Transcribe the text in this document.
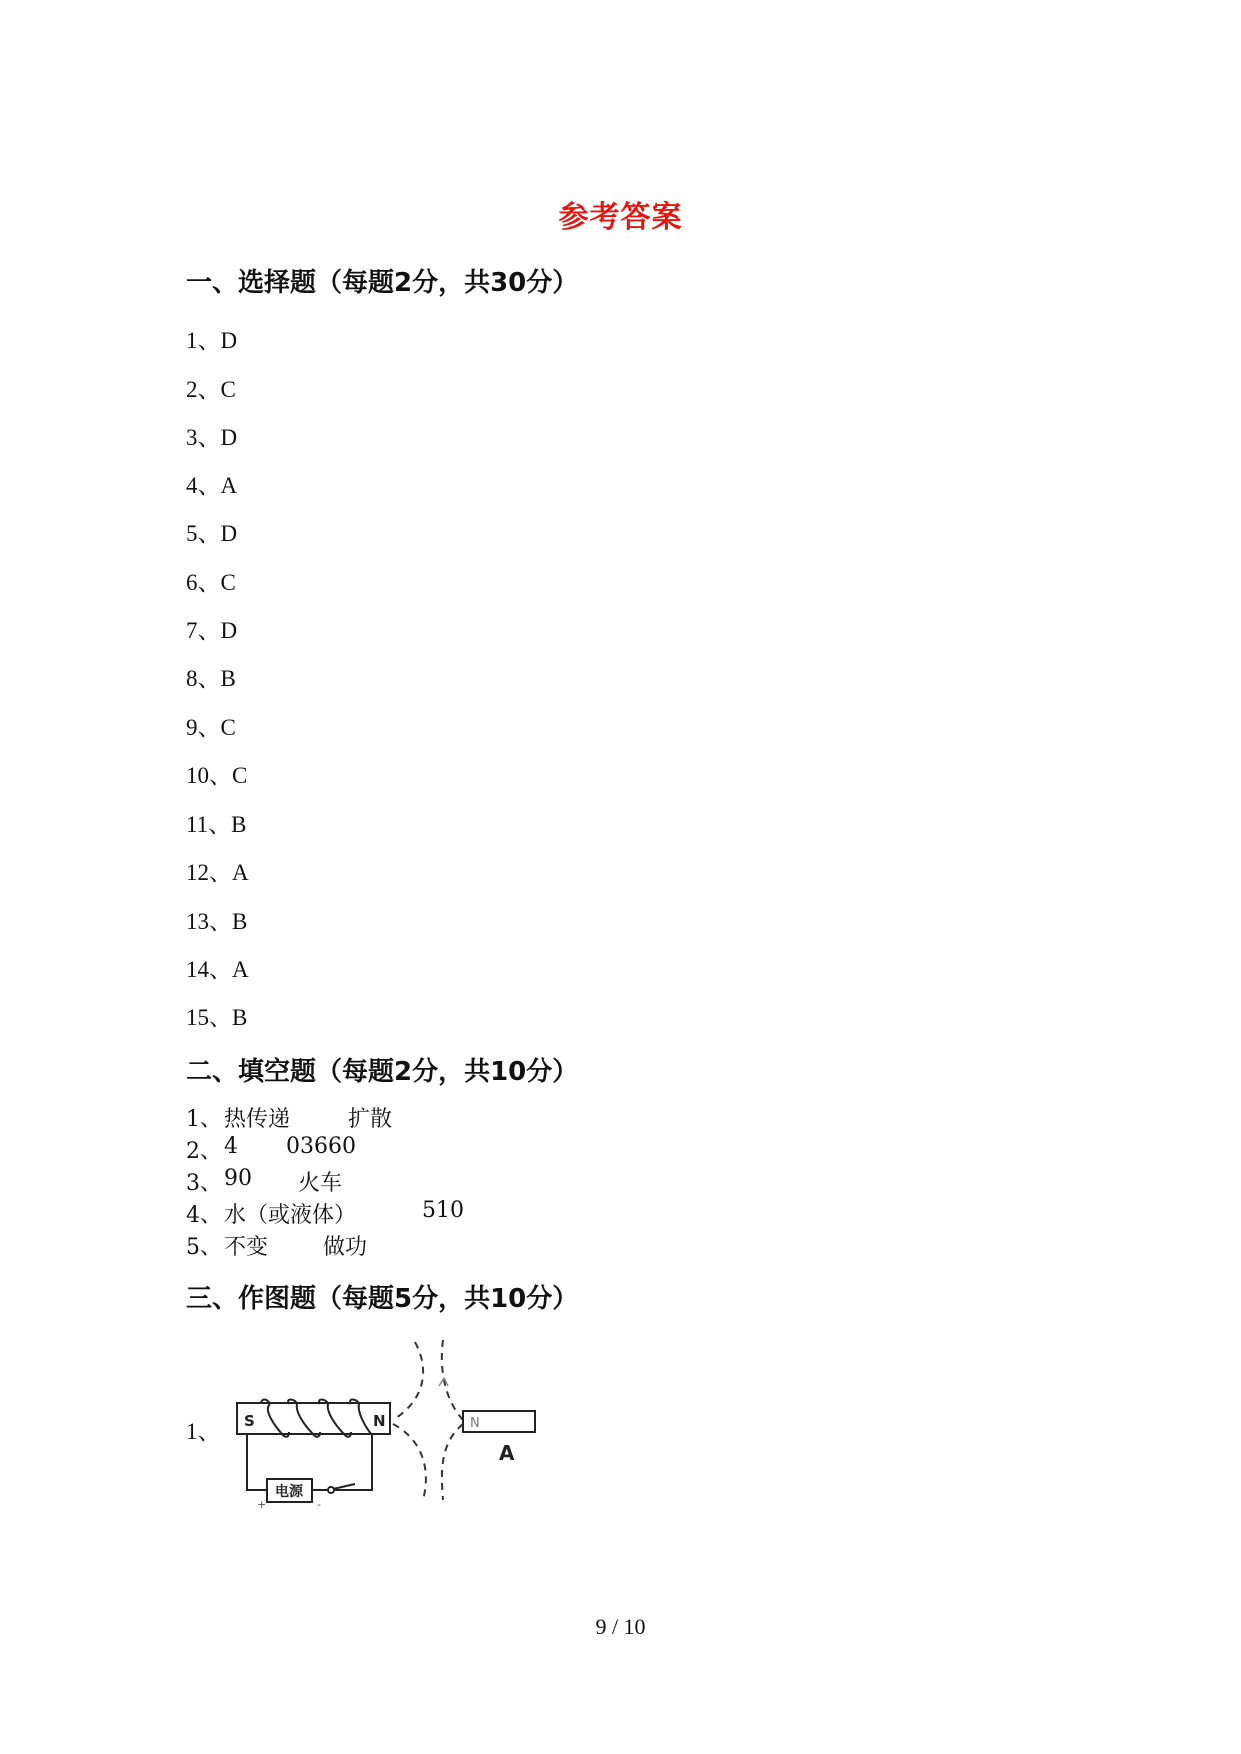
参考答案
一、选择题（每题2分，共30分）
1、D
2、C
3、D
4、A
5、D
6、C
7、D
8、B
9、C
10、C
11、B
12、A
13、B
14、A
15、B
二、填空题（每题2分，共10分）
1、 热传递	扩散
2、 4 03660
3、 90 火车
4、 水（或液体）	510
5、 不变 做功
三、作图题（每题5分，共10分）
1、 S	N
电源
+	-
N
A
9 / 10
